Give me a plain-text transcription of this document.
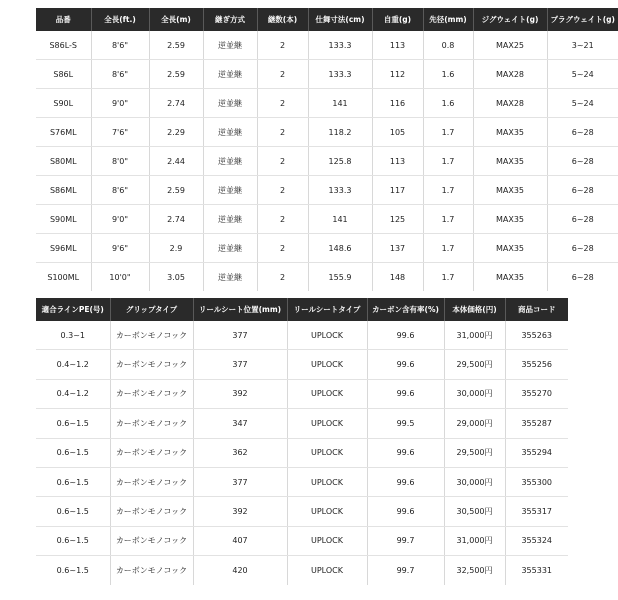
品番	全長(ft.)	全長(m)	継ぎ方式	継数(本)	仕舞寸法(cm)	自重(g)	先径(mm)	ジグウェイト(g)	プラグウェイト(g)
S86L-S	8'6"	2.59	逆並継	2	133.3	113	0.8	MAX25	3~21
S86L	8'6"	2.59	逆並継	2	133.3	112	1.6	MAX28	5~24
S90L	9'0"	2.74	逆並継	2	141	116	1.6	MAX28	5~24
S76ML	7'6"	2.29	逆並継	2	118.2	105	1.7	MAX35	6~28
S80ML	8'0"	2.44	逆並継	2	125.8	113	1.7	MAX35	6~28
S86ML	8'6"	2.59	逆並継	2	133.3	117	1.7	MAX35	6~28
S90ML	9'0"	2.74	逆並継	2	141	125	1.7	MAX35	6~28
S96ML	9'6"	2.9	逆並継	2	148.6	137	1.7	MAX35	6~28
S100ML	10'0"	3.05	逆並継	2	155.9	148	1.7	MAX35	6~28
適合ラインPE(号)	グリップタイプ	リールシート位置(mm)	リールシートタイプ	カーボン含有率(%)	本体価格(円)	商品コード
0.3~1	カーボンモノコック	377	UPLOCK	99.6	31,000円	355263
0.4~1.2	カーボンモノコック	377	UPLOCK	99.6	29,500円	355256
0.4~1.2	カーボンモノコック	392	UPLOCK	99.6	30,000円	355270
0.6~1.5	カーボンモノコック	347	UPLOCK	99.5	29,000円	355287
0.6~1.5	カーボンモノコック	362	UPLOCK	99.6	29,500円	355294
0.6~1.5	カーボンモノコック	377	UPLOCK	99.6	30,000円	355300
0.6~1.5	カーボンモノコック	392	UPLOCK	99.6	30,500円	355317
0.6~1.5	カーボンモノコック	407	UPLOCK	99.7	31,000円	355324
0.6~1.5	カーボンモノコック	420	UPLOCK	99.7	32,500円	355331
